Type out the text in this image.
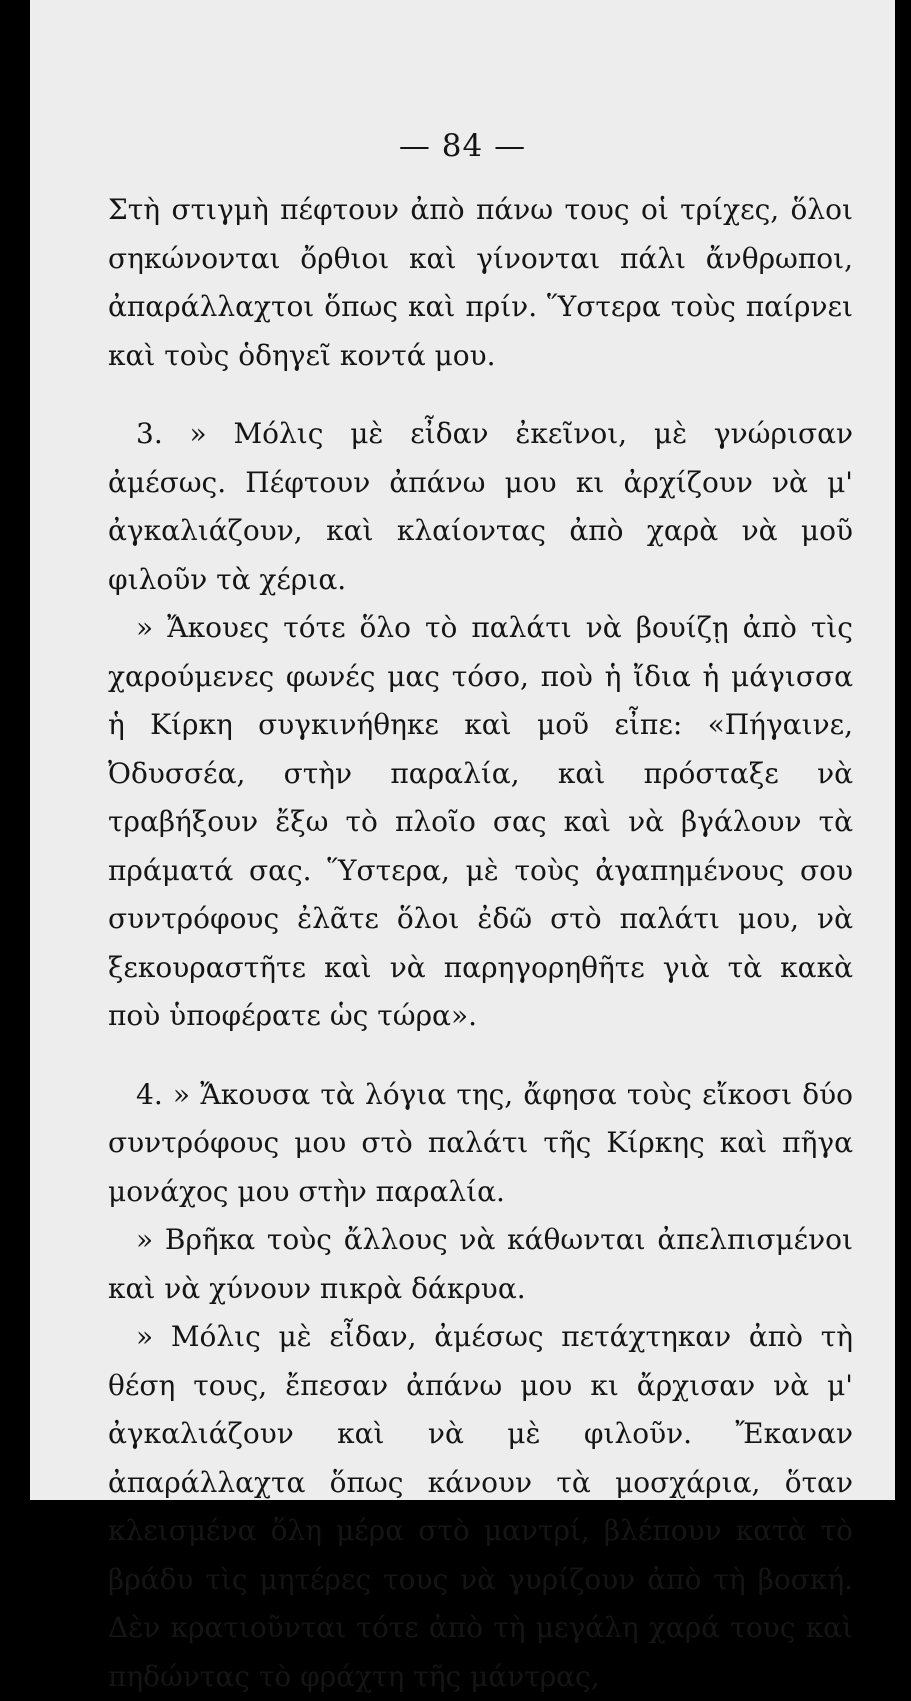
— 84 —

Στὴ στιγμὴ πέφτουν ἀπὸ πάνω τους οἱ τρίχες, ὅλοι σηκώνονται ὄρθιοι καὶ γίνονται πάλι ἄνθρωποι, ἀπαράλλαχτοι ὅπως καὶ πρίν. Ὕστερα τοὺς παίρνει καὶ τοὺς ὁδηγεῖ κοντά μου.

3. » Μόλις μὲ εἶδαν ἐκεῖνοι, μὲ γνώρισαν ἀμέσως. Πέφτουν ἀπάνω μου κι ἀρχίζουν νὰ μ' ἀγκαλιάζουν, καὶ κλαίοντας ἀπὸ χαρὰ νὰ μοῦ φιλοῦν τὰ χέρια.

» Ἄκουες τότε ὅλο τὸ παλάτι νὰ βουίζῃ ἀπὸ τὶς χαρούμενες φωνές μας τόσο, ποὺ ἡ ἴδια ἡ μάγισσα ἡ Κίρκη συγκινήθηκε καὶ μοῦ εἶπε: «Πήγαινε, Ὀδυσσέα, στὴν παραλία, καὶ πρόσταξε νὰ τραβήξουν ἔξω τὸ πλοῖο σας καὶ νὰ βγάλουν τὰ πράματά σας. Ὕστερα, μὲ τοὺς ἀγαπημένους σου συντρόφους ἐλᾶτε ὅλοι ἐδῶ στὸ παλάτι μου, νὰ ξεκουραστῆτε καὶ νὰ παρηγορηθῆτε γιὰ τὰ κακὰ ποὺ ὑποφέρατε ὡς τώρα».

4. » Ἄκουσα τὰ λόγια της, ἄφησα τοὺς εἴκοσι δύο συντρόφους μου στὸ παλάτι τῆς Κίρκης καὶ πῆγα μονάχος μου στὴν παραλία.

» Βρῆκα τοὺς ἄλλους νὰ κάθωνται ἀπελπισμένοι καὶ νὰ χύνουν πικρὰ δάκρυα.

» Μόλις μὲ εἶδαν, ἀμέσως πετάχτηκαν ἀπὸ τὴ θέση τους, ἔπεσαν ἀπάνω μου κι ἄρχισαν νὰ μ' ἀγκαλιάζουν καὶ νὰ μὲ φιλοῦν. Ἔκαναν ἀπαράλλαχτα ὅπως κάνουν τὰ μοσχάρια, ὅταν κλεισμένα ὅλη μέρα στὸ μαντρί, βλέπουν κατὰ τὸ βράδυ τὶς μητέρες τους νὰ γυρίζουν ἀπὸ τὴ βοσκή. Δὲν κρατιοῦνται τότε ἀπὸ τὴ μεγάλη χαρά τους καὶ πηδώντας τὸ φράχτη τῆς μάντρας,
